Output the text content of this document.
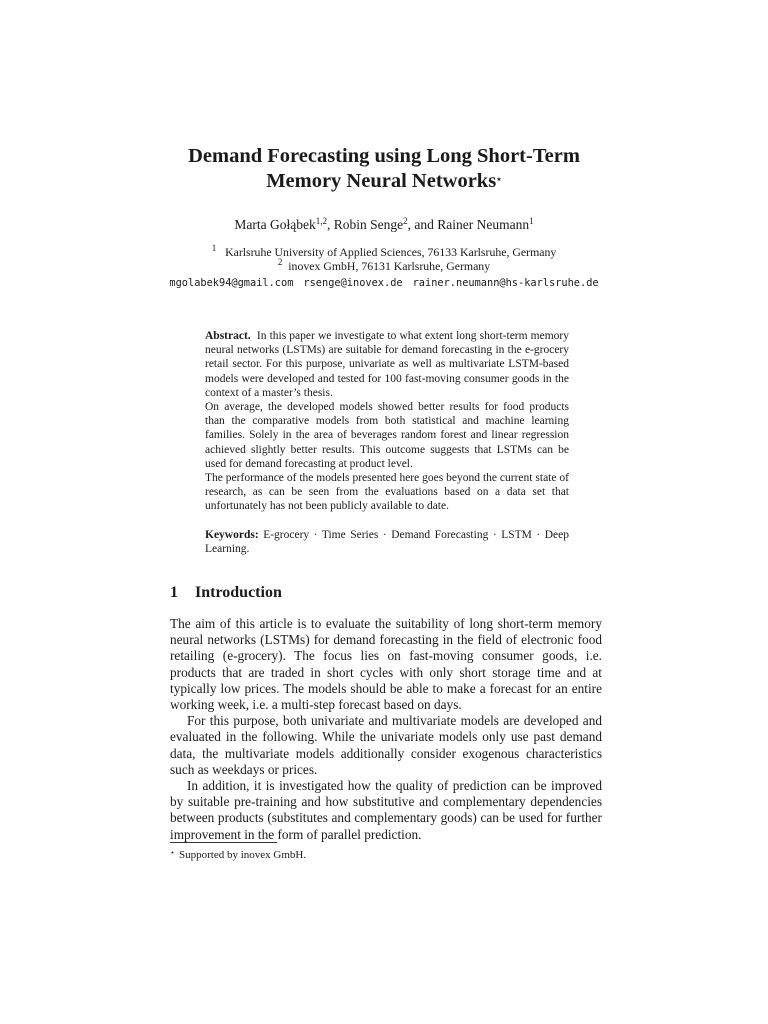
Demand Forecasting using Long Short-Term
Memory Neural Networks⋆
Marta Gołąbek$^{1,2}$, Robin Senge$^2$, and Rainer Neumann$^1$
$^1$ Karlsruhe University of Applied Sciences, 76133 Karlsruhe, Germany
$^2$ inovex GmbH, 76131 Karlsruhe, Germany
mgolabek94@gmail.com rsenge@inovex.de rainer.neumann@hs-karlsruhe.de

Abstract. In this paper we investigate to what extent long short-term memory neural networks (LSTMs) are suitable for demand forecasting in the e-grocery retail sector. For this purpose, univariate as well as multivariate LSTM-based models were developed and tested for 100 fast-moving consumer goods in the context of a master’s thesis.

On average, the developed models showed better results for food products than the comparative models from both statistical and machine learning families. Solely in the area of beverages random forest and linear regression achieved slightly better results. This outcome suggests that LSTMs can be used for demand forecasting at product level.

The performance of the models presented here goes beyond the current state of research, as can be seen from the evaluations based on a data set that unfortunately has not been publicly available to date.

Keywords: E-grocery · Time Series · Demand Forecasting · LSTM · Deep Learning.
1 Introduction

The aim of this article is to evaluate the suitability of long short-term memory neural networks (LSTMs) for demand forecasting in the field of electronic food retailing (e-grocery). The focus lies on fast-moving consumer goods, i.e. products that are traded in short cycles with only short storage time and at typically low prices. The models should be able to make a forecast for an entire working week, i.e. a multi-step forecast based on days.

For this purpose, both univariate and multivariate models are developed and evaluated in the following. While the univariate models only use past demand data, the multivariate models additionally consider exogenous characteristics such as weekdays or prices.

In addition, it is investigated how the quality of prediction can be improved by suitable pre-training and how substitutive and complementary dependencies between products (substitutes and complementary goods) can be used for further improvement in the form of parallel prediction.

⋆ Supported by inovex GmbH.
